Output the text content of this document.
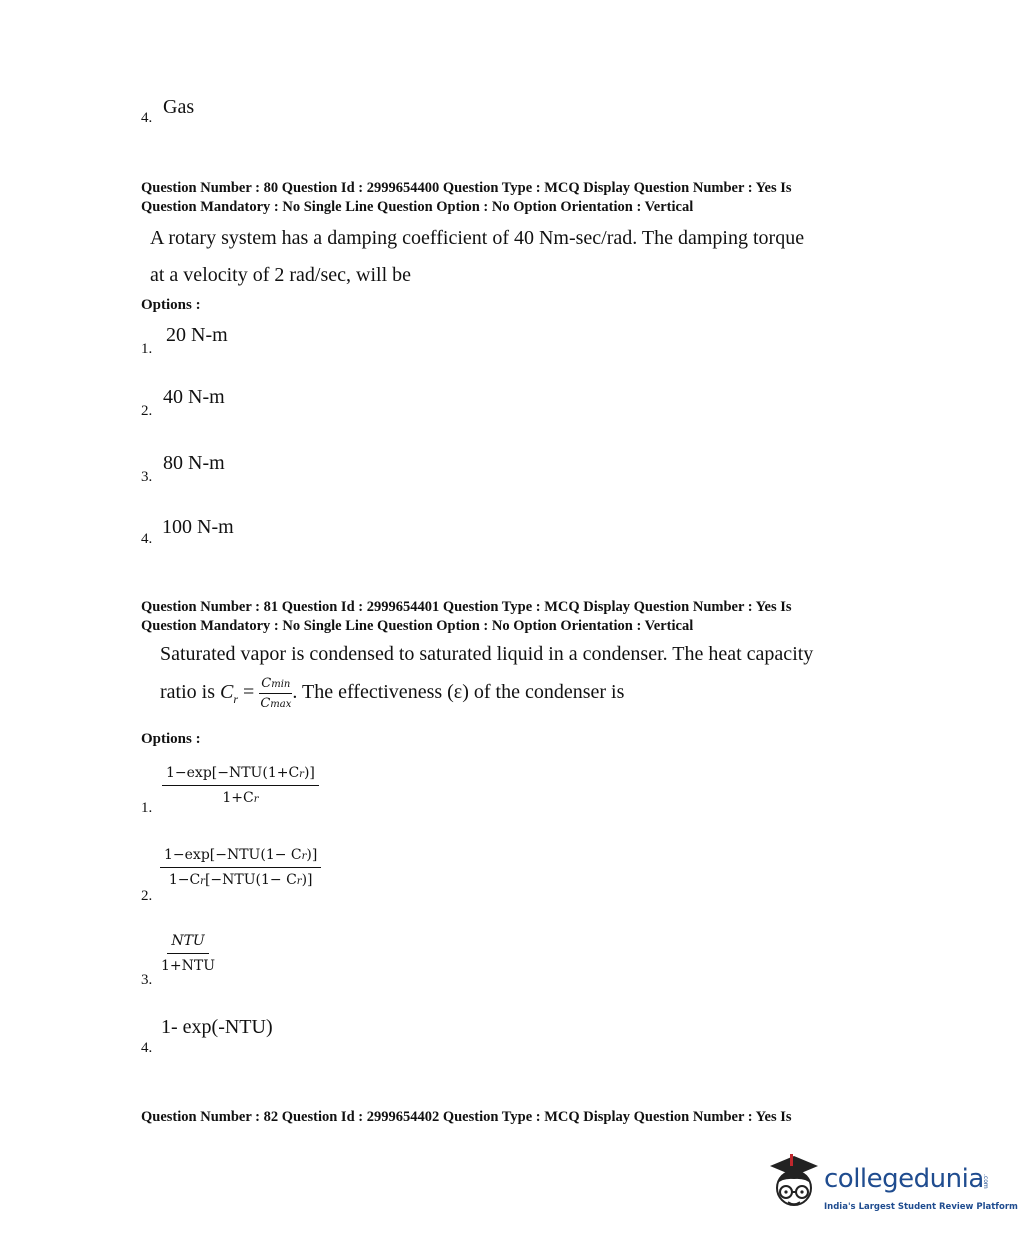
Gas
4.
Question Number : 80 Question Id : 2999654400 Question Type : MCQ Display Question Number : Yes Is
Question Mandatory : No Single Line Question Option : No Option Orientation : Vertical
A rotary system has a damping coefficient of 40 Nm-sec/rad. The damping torque
at a velocity of 2 rad/sec, will be
Options :
20 N-m
1.
40 N-m
2.
80 N-m
3.
100 N-m
4.
Question Number : 81 Question Id : 2999654401 Question Type : MCQ Display Question Number : Yes Is
Question Mandatory : No Single Line Question Option : No Option Orientation : Vertical
Saturated vapor is condensed to saturated liquid in a condenser. The heat capacity
ratio is $C_r = \frac{Cmin}{Cmax}$ . The effectiveness (ε) of the condenser is
Options :
1−exp[−NTU(1+Cr)]
1+Cr
1.
1−exp[−NTU(1− Cr)]
1−Cr[−NTU(1− Cr)]
2.
NTU
1+NTU
3.
1- exp(-NTU)
4.
Question Number : 82 Question Id : 2999654402 Question Type : MCQ Display Question Number : Yes Is
collegedunia
.com
India's Largest Student Review Platform
